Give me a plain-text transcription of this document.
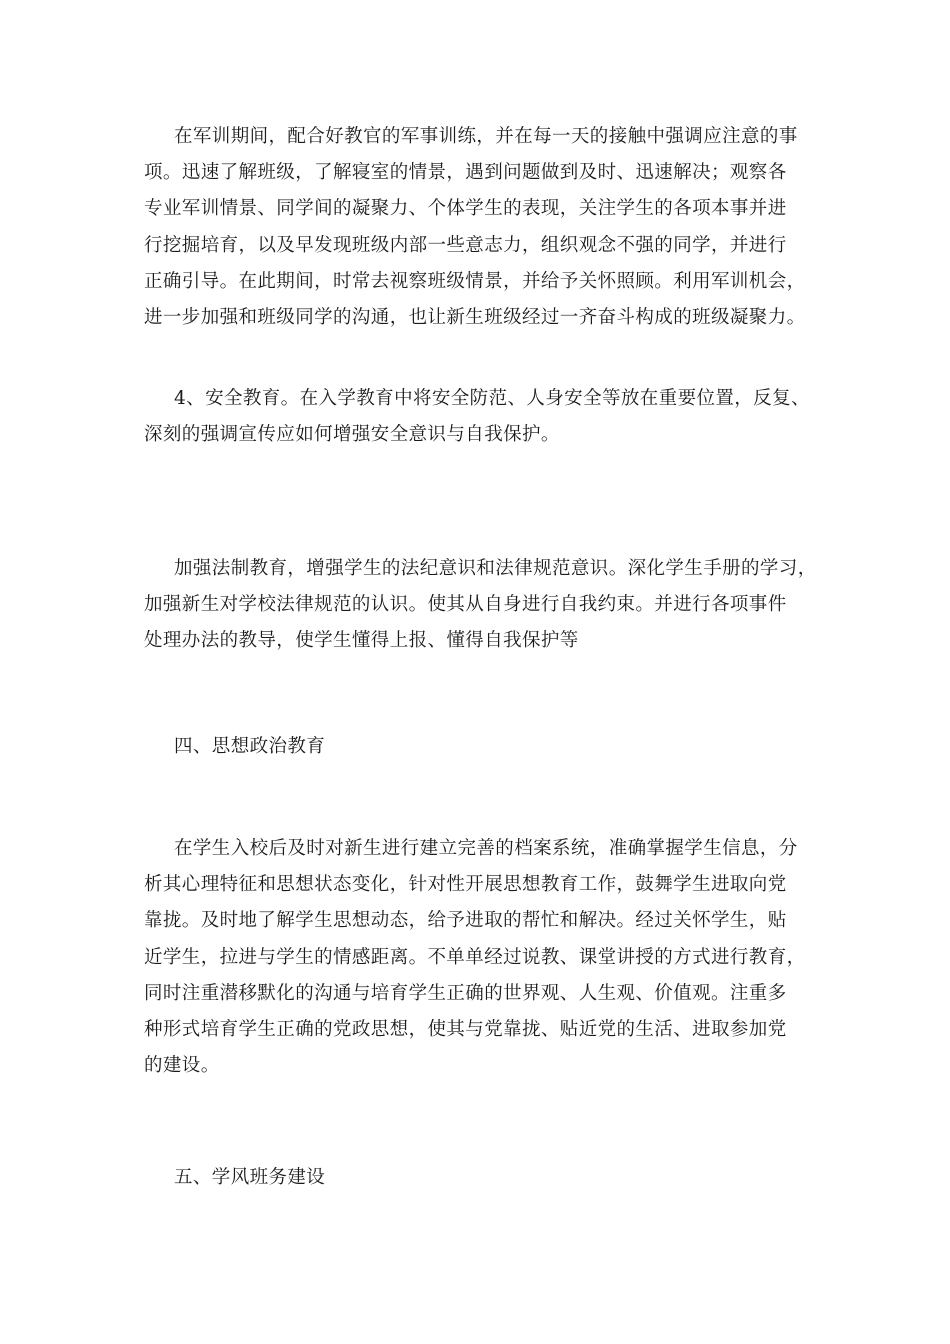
在军训期间，配合好教官的军事训练，并在每一天的接触中强调应注意的事
项。迅速了解班级，了解寝室的情景，遇到问题做到及时、迅速解决；观察各
专业军训情景、同学间的凝聚力、个体学生的表现，关注学生的各项本事并进
行挖掘培育，以及早发现班级内部一些意志力，组织观念不强的同学，并进行
正确引导。在此期间，时常去视察班级情景，并给予关怀照顾。利用军训机会，
进一步加强和班级同学的沟通，也让新生班级经过一齐奋斗构成的班级凝聚力。

4、安全教育。在入学教育中将安全防范、人身安全等放在重要位置，反复、
深刻的强调宣传应如何增强安全意识与自我保护。

加强法制教育，增强学生的法纪意识和法律规范意识。深化学生手册的学习，
加强新生对学校法律规范的认识。使其从自身进行自我约束。并进行各项事件
处理办法的教导，使学生懂得上报、懂得自我保护等

四、思想政治教育

在学生入校后及时对新生进行建立完善的档案系统，准确掌握学生信息，分
析其心理特征和思想状态变化，针对性开展思想教育工作，鼓舞学生进取向党
靠拢。及时地了解学生思想动态，给予进取的帮忙和解决。经过关怀学生，贴
近学生，拉进与学生的情感距离。不单单经过说教、课堂讲授的方式进行教育，
同时注重潜移默化的沟通与培育学生正确的世界观、人生观、价值观。注重多
种形式培育学生正确的党政思想，使其与党靠拢、贴近党的生活、进取参加党
的建设。

五、学风班务建设
